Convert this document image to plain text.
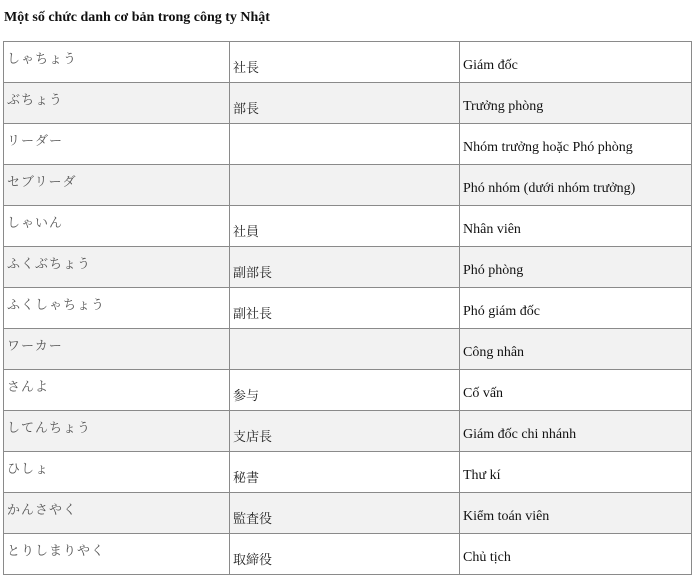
Một số chức danh cơ bản trong công ty Nhật
しゃちょう	社長	Giám đốc
ぶちょう	部長	Trưởng phòng
リーダー		Nhóm trưởng hoặc Phó phòng
セブリーダ		Phó nhóm (dưới nhóm trưởng)
しゃいん	社員	Nhân viên
ふくぶちょう	副部長	Phó phòng
ふくしゃちょう	副社長	Phó giám đốc
ワーカー		Công nhân
さんよ	参与	Cố vấn
してんちょう	支店長	Giám đốc chi nhánh
ひしょ	秘書	Thư kí
かんさやく	監査役	Kiểm toán viên
とりしまりやく	取締役	Chủ tịch
